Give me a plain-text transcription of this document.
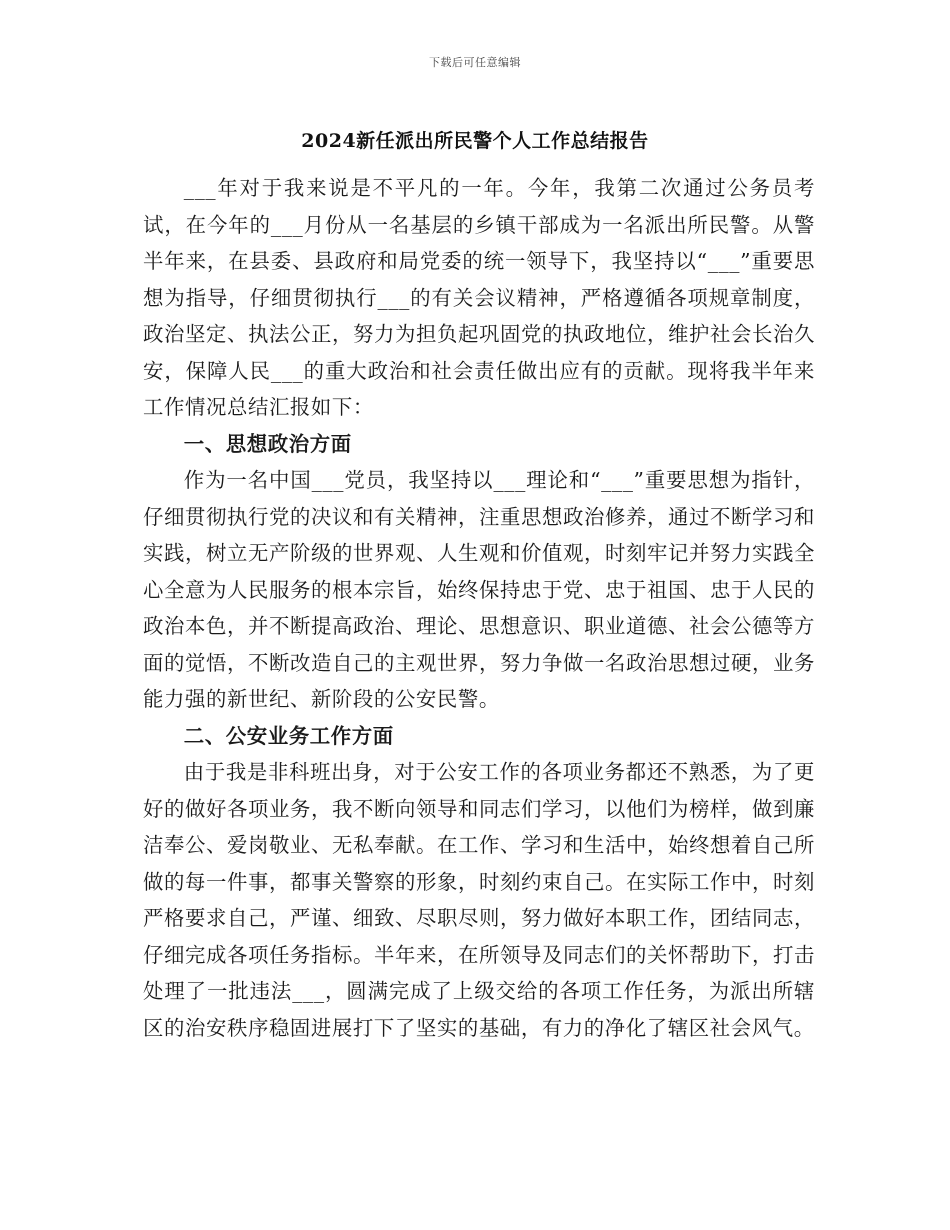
下载后可任意编辑
2024新任派出所民警个人工作总结报告

___年对于我来说是不平凡的一年。今年，我第二次通过公务员考试，在今年的___月份从一名基层的乡镇干部成为一名派出所民警。从警半年来，在县委、县政府和局党委的统一领导下，我坚持以“___”重要思想为指导，仔细贯彻执行___的有关会议精神，严格遵循各项规章制度，政治坚定、执法公正，努力为担负起巩固党的执政地位，维护社会长治久安，保障人民___的重大政治和社会责任做出应有的贡献。现将我半年来工作情况总结汇报如下：

一、思想政治方面

作为一名中国___党员，我坚持以___理论和“___”重要思想为指针，仔细贯彻执行党的决议和有关精神，注重思想政治修养，通过不断学习和实践，树立无产阶级的世界观、人生观和价值观，时刻牢记并努力实践全心全意为人民服务的根本宗旨，始终保持忠于党、忠于祖国、忠于人民的政治本色，并不断提高政治、理论、思想意识、职业道德、社会公德等方面的觉悟，不断改造自己的主观世界，努力争做一名政治思想过硬，业务能力强的新世纪、新阶段的公安民警。

二、公安业务工作方面

由于我是非科班出身，对于公安工作的各项业务都还不熟悉，为了更好的做好各项业务，我不断向领导和同志们学习，以他们为榜样，做到廉洁奉公、爱岗敬业、无私奉献。在工作、学习和生活中，始终想着自己所做的每一件事，都事关警察的形象，时刻约束自己。在实际工作中，时刻严格要求自己，严谨、细致、尽职尽则，努力做好本职工作，团结同志，仔细完成各项任务指标。半年来，在所领导及同志们的关怀帮助下，打击处理了一批违法___，圆满完成了上级交给的各项工作任务，为派出所辖区的治安秩序稳固进展打下了坚实的基础，有力的净化了辖区社会风气。
